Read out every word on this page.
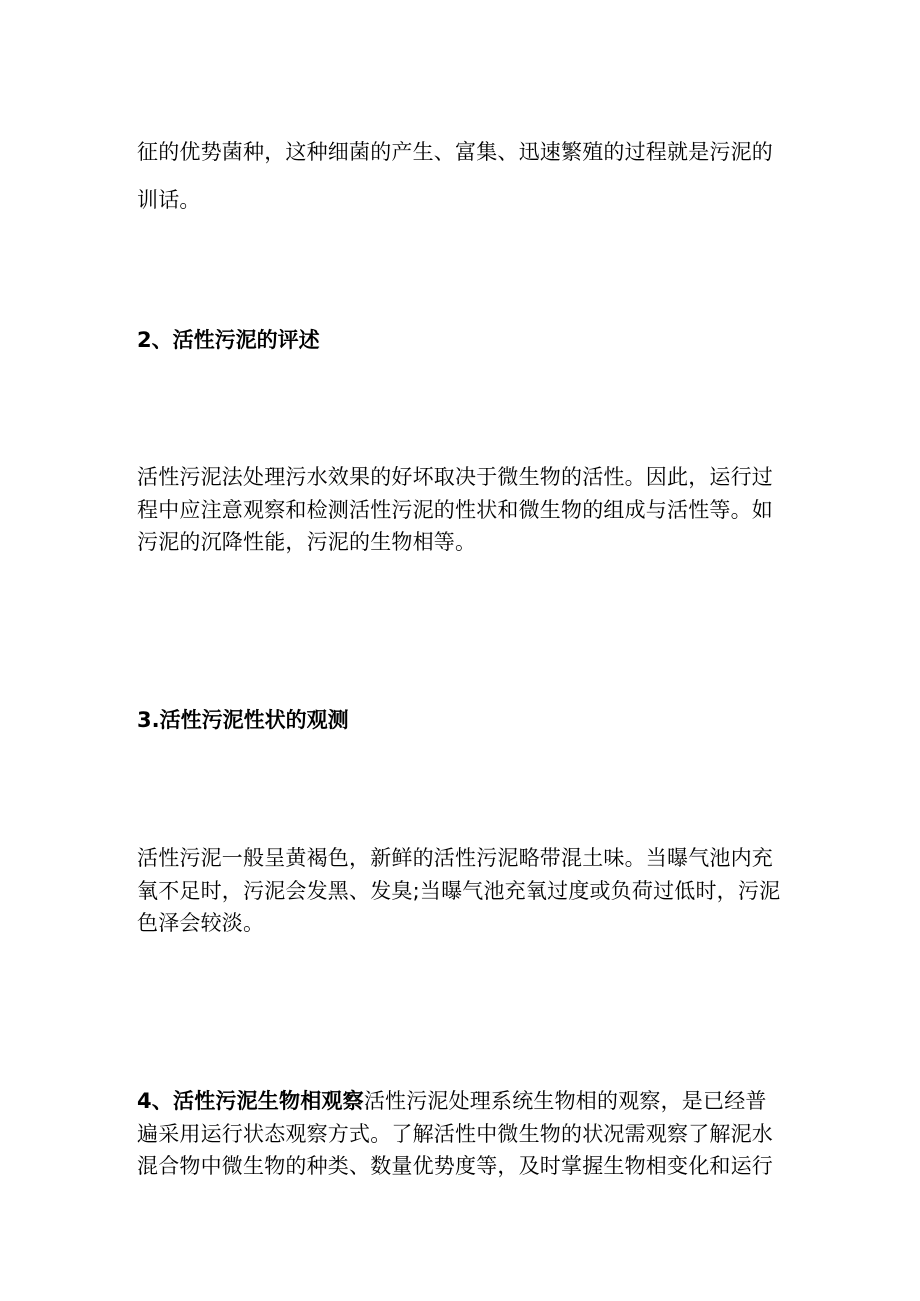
征的优势菌种，这种细菌的产生、富集、迅速繁殖的过程就是污泥的训话。

2、活性污泥的评述

活性污泥法处理污水效果的好坏取决于微生物的活性。因此，运行过程中应注意观察和检测活性污泥的性状和微生物的组成与活性等。如污泥的沉降性能，污泥的生物相等。

3.活性污泥性状的观测

活性污泥一般呈黄褐色，新鲜的活性污泥略带混土味。当曝气池内充氧不足时，污泥会发黑、发臭;当曝气池充氧过度或负荷过低时，污泥色泽会较淡。

4、活性污泥生物相观察活性污泥处理系统生物相的观察，是已经普遍采用运行状态观察方式。了解活性中微生物的状况需观察了解泥水混合物中微生物的种类、数量优势度等，及时掌握生物相变化和运行
